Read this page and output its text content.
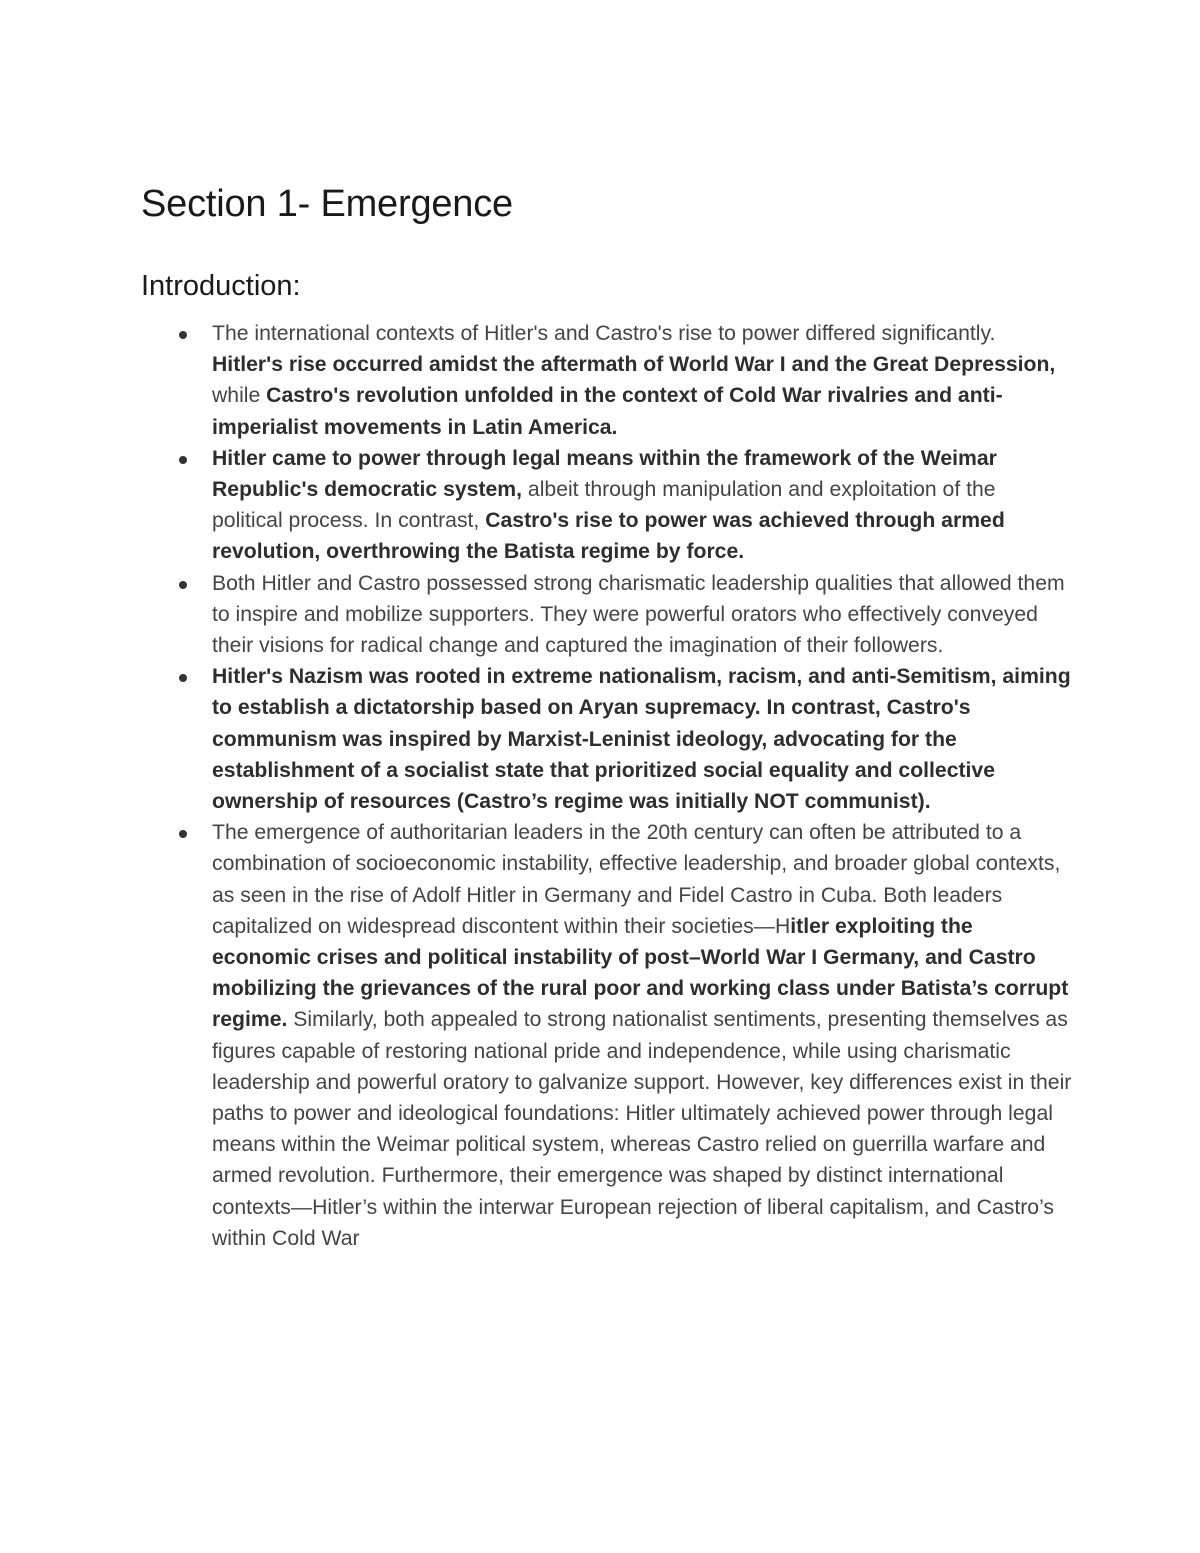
Section 1- Emergence
Introduction:
The international contexts of Hitler's and Castro's rise to power differed significantly. Hitler's rise occurred amidst the aftermath of World War I and the Great Depression, while Castro's revolution unfolded in the context of Cold War rivalries and anti-imperialist movements in Latin America.
Hitler came to power through legal means within the framework of the Weimar Republic's democratic system, albeit through manipulation and exploitation of the political process. In contrast, Castro's rise to power was achieved through armed revolution, overthrowing the Batista regime by force.
Both Hitler and Castro possessed strong charismatic leadership qualities that allowed them to inspire and mobilize supporters. They were powerful orators who effectively conveyed their visions for radical change and captured the imagination of their followers.
Hitler's Nazism was rooted in extreme nationalism, racism, and anti-Semitism, aiming to establish a dictatorship based on Aryan supremacy. In contrast, Castro's communism was inspired by Marxist-Leninist ideology, advocating for the establishment of a socialist state that prioritized social equality and collective ownership of resources (Castro’s regime was initially NOT communist).
The emergence of authoritarian leaders in the 20th century can often be attributed to a combination of socioeconomic instability, effective leadership, and broader global contexts, as seen in the rise of Adolf Hitler in Germany and Fidel Castro in Cuba. Both leaders capitalized on widespread discontent within their societies—Hitler exploiting the economic crises and political instability of post–World War I Germany, and Castro mobilizing the grievances of the rural poor and working class under Batista’s corrupt regime. Similarly, both appealed to strong nationalist sentiments, presenting themselves as figures capable of restoring national pride and independence, while using charismatic leadership and powerful oratory to galvanize support. However, key differences exist in their paths to power and ideological foundations: Hitler ultimately achieved power through legal means within the Weimar political system, whereas Castro relied on guerrilla warfare and armed revolution. Furthermore, their emergence was shaped by distinct international contexts—Hitler’s within the interwar European rejection of liberal capitalism, and Castro’s within Cold War
